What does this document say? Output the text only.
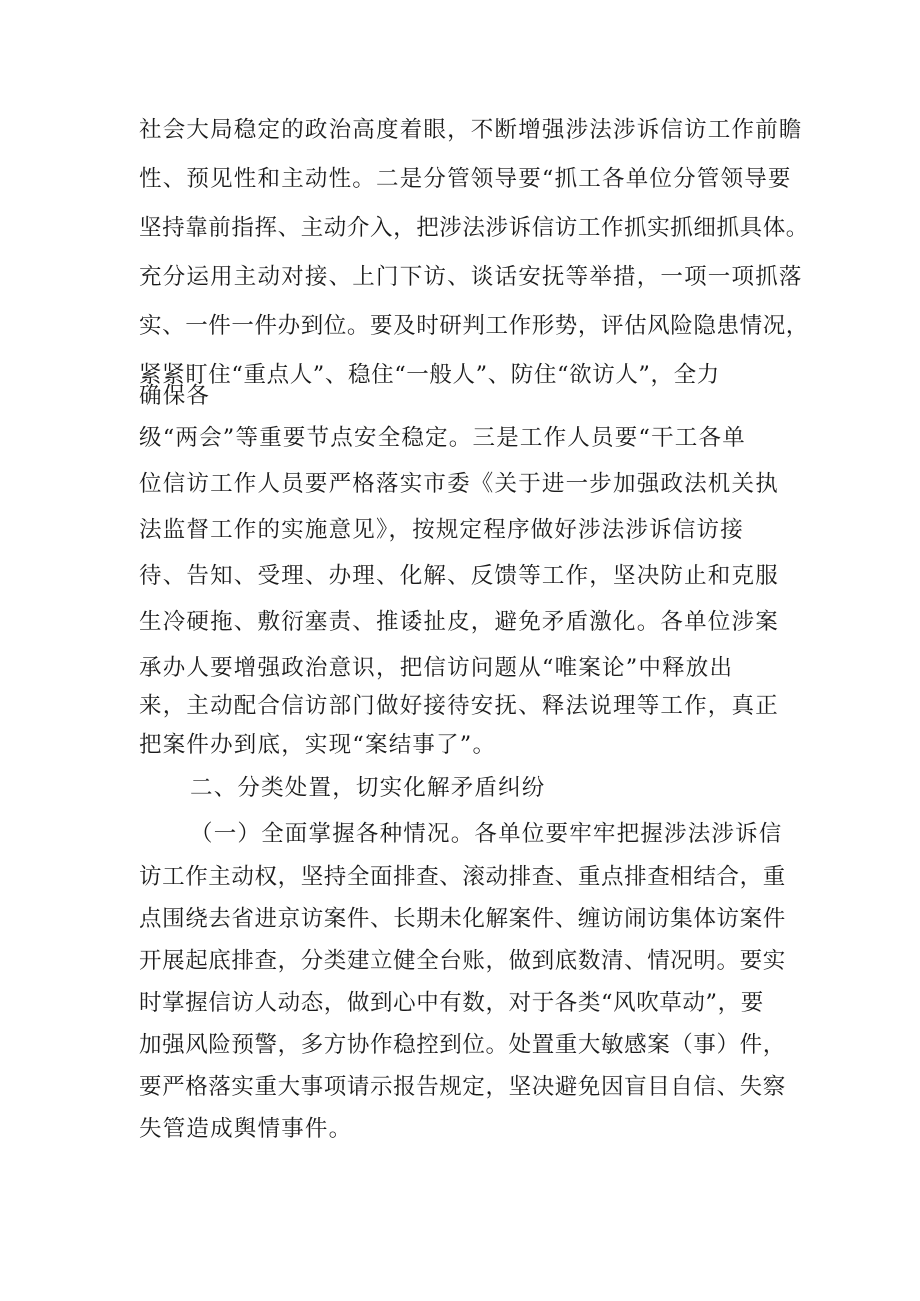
社会大局稳定的政治高度着眼，不断增强涉法涉诉信访工作前瞻
性、预见性和主动性。二是分管领导要“抓工各单位分管领导要
坚持靠前指挥、主动介入，把涉法涉诉信访工作抓实抓细抓具体。
充分运用主动对接、上门下访、谈话安抚等举措，一项一项抓落
实、一件一件办到位。要及时研判工作形势，评估风险隐患情况，
紧紧盯住“重点人”、稳住“一般人”、防住“欲访人”，全力
确保各
级“两会”等重要节点安全稳定。三是工作人员要“干工各单
位信访工作人员要严格落实市委《关于进一步加强政法机关执
法监督工作的实施意见》，按规定程序做好涉法涉诉信访接
待、告知、受理、办理、化解、反馈等工作，坚决防止和克服
生冷硬拖、敷衍塞责、推诿扯皮，避免矛盾激化。各单位涉案
承办人要增强政治意识，把信访问题从“唯案论”中释放出
来，主动配合信访部门做好接待安抚、释法说理等工作，真正
把案件办到底，实现“案结事了”。
二、分类处置，切实化解矛盾纠纷
（一）全面掌握各种情况。各单位要牢牢把握涉法涉诉信
访工作主动权，坚持全面排查、滚动排查、重点排查相结合，重
点围绕去省进京访案件、长期未化解案件、缠访闹访集体访案件
开展起底排查，分类建立健全台账，做到底数清、情况明。要实
时掌握信访人动态，做到心中有数，对于各类“风吹草动”，要
加强风险预警，多方协作稳控到位。处置重大敏感案（事）件，
要严格落实重大事项请示报告规定，坚决避免因盲目自信、失察
失管造成舆情事件。
